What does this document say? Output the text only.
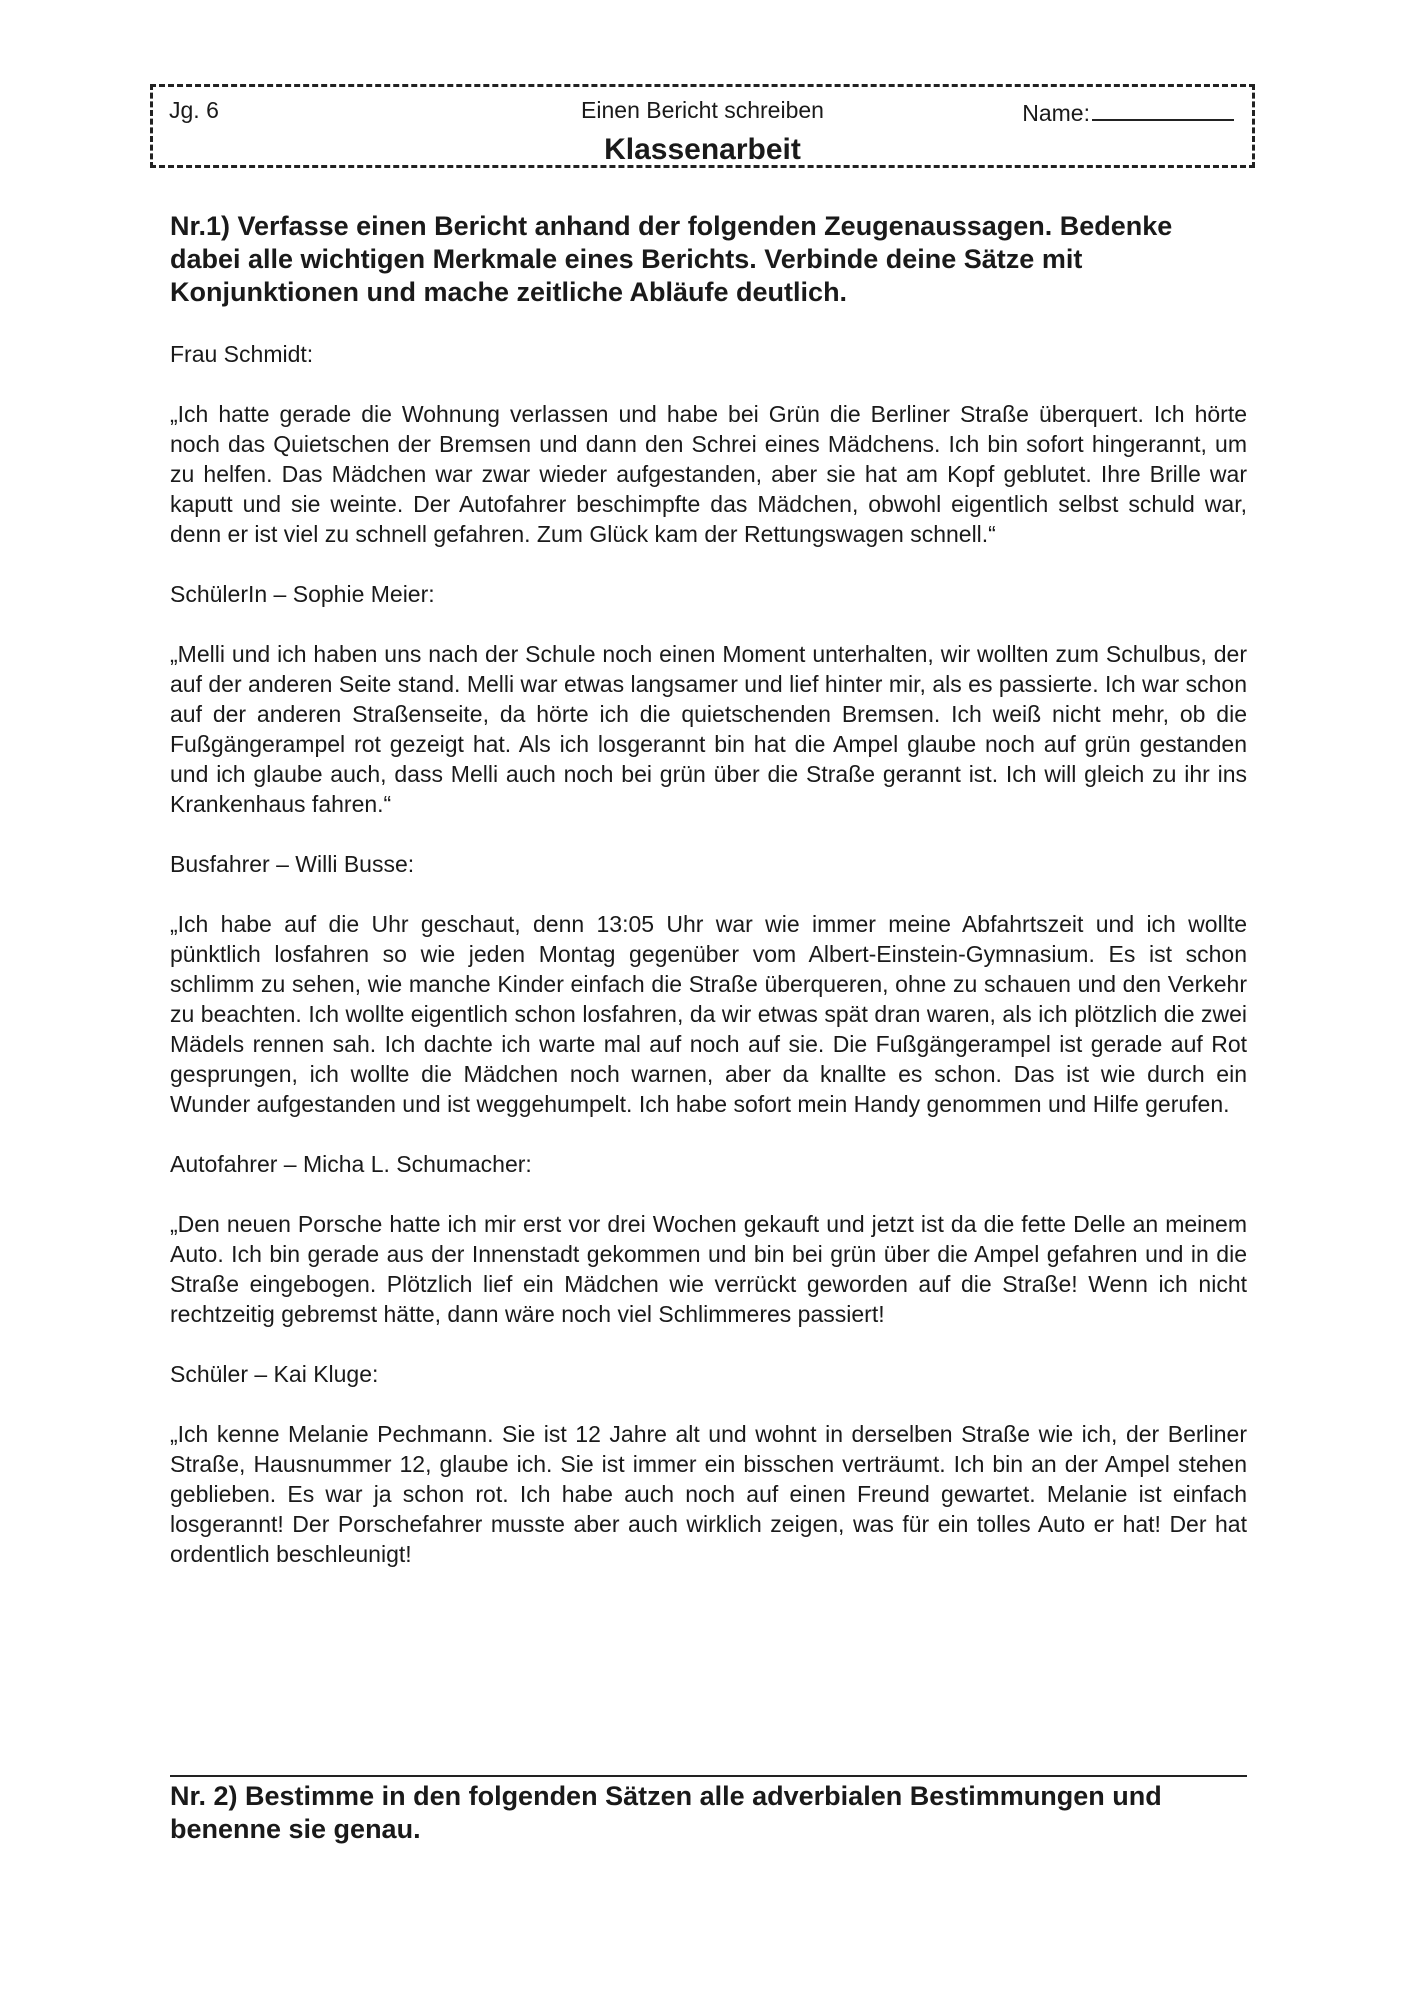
Jg. 6	Einen Bericht schreiben	Name:
Klassenarbeit

Nr.1) Verfasse einen Bericht anhand der folgenden Zeugenaussagen. Bedenke dabei alle wichtigen Merkmale eines Berichts. Verbinde deine Sätze mit Konjunktionen und mache zeitliche Abläufe deutlich.

Frau Schmidt:

„Ich hatte gerade die Wohnung verlassen und habe bei Grün die Berliner Straße überquert. Ich hörte noch das Quietschen der Bremsen und dann den Schrei eines Mädchens. Ich bin sofort hingerannt, um zu helfen. Das Mädchen war zwar wieder aufgestanden, aber sie hat am Kopf geblutet. Ihre Brille war kaputt und sie weinte. Der Autofahrer beschimpfte das Mädchen, obwohl eigentlich selbst schuld war, denn er ist viel zu schnell gefahren. Zum Glück kam der Rettungswagen schnell.“

SchülerIn – Sophie Meier:

„Melli und ich haben uns nach der Schule noch einen Moment unterhalten, wir wollten zum Schulbus, der auf der anderen Seite stand. Melli war etwas langsamer und lief hinter mir, als es passierte. Ich war schon auf der anderen Straßenseite, da hörte ich die quietschenden Bremsen. Ich weiß nicht mehr, ob die Fußgängerampel rot gezeigt hat. Als ich losgerannt bin hat die Ampel glaube noch auf grün gestanden und ich glaube auch, dass Melli auch noch bei grün über die Straße gerannt ist. Ich will gleich zu ihr ins Krankenhaus fahren.“

Busfahrer – Willi Busse:

„Ich habe auf die Uhr geschaut, denn 13:05 Uhr war wie immer meine Abfahrtszeit und ich wollte pünktlich losfahren so wie jeden Montag gegenüber vom Albert-Einstein-Gymnasium. Es ist schon schlimm zu sehen, wie manche Kinder einfach die Straße überqueren, ohne zu schauen und den Verkehr zu beachten. Ich wollte eigentlich schon losfahren, da wir etwas spät dran waren, als ich plötzlich die zwei Mädels rennen sah. Ich dachte ich warte mal auf noch auf sie. Die Fußgängerampel ist gerade auf Rot gesprungen, ich wollte die Mädchen noch warnen, aber da knallte es schon. Das ist wie durch ein Wunder aufgestanden und ist weggehumpelt. Ich habe sofort mein Handy genommen und Hilfe gerufen.

Autofahrer – Micha L. Schumacher:

„Den neuen Porsche hatte ich mir erst vor drei Wochen gekauft und jetzt ist da die fette Delle an meinem Auto. Ich bin gerade aus der Innenstadt gekommen und bin bei grün über die Ampel gefahren und in die Straße eingebogen. Plötzlich lief ein Mädchen wie verrückt geworden auf die Straße! Wenn ich nicht rechtzeitig gebremst hätte, dann wäre noch viel Schlimmeres passiert!

Schüler – Kai Kluge:

„Ich kenne Melanie Pechmann. Sie ist 12 Jahre alt und wohnt in derselben Straße wie ich, der Berliner Straße, Hausnummer 12, glaube ich. Sie ist immer ein bisschen verträumt. Ich bin an der Ampel stehen geblieben. Es war ja schon rot. Ich habe auch noch auf einen Freund gewartet. Melanie ist einfach losgerannt! Der Porschefahrer musste aber auch wirklich zeigen, was für ein tolles Auto er hat! Der hat ordentlich beschleunigt!

Nr. 2) Bestimme in den folgenden Sätzen alle adverbialen Bestimmungen und benenne sie genau.
